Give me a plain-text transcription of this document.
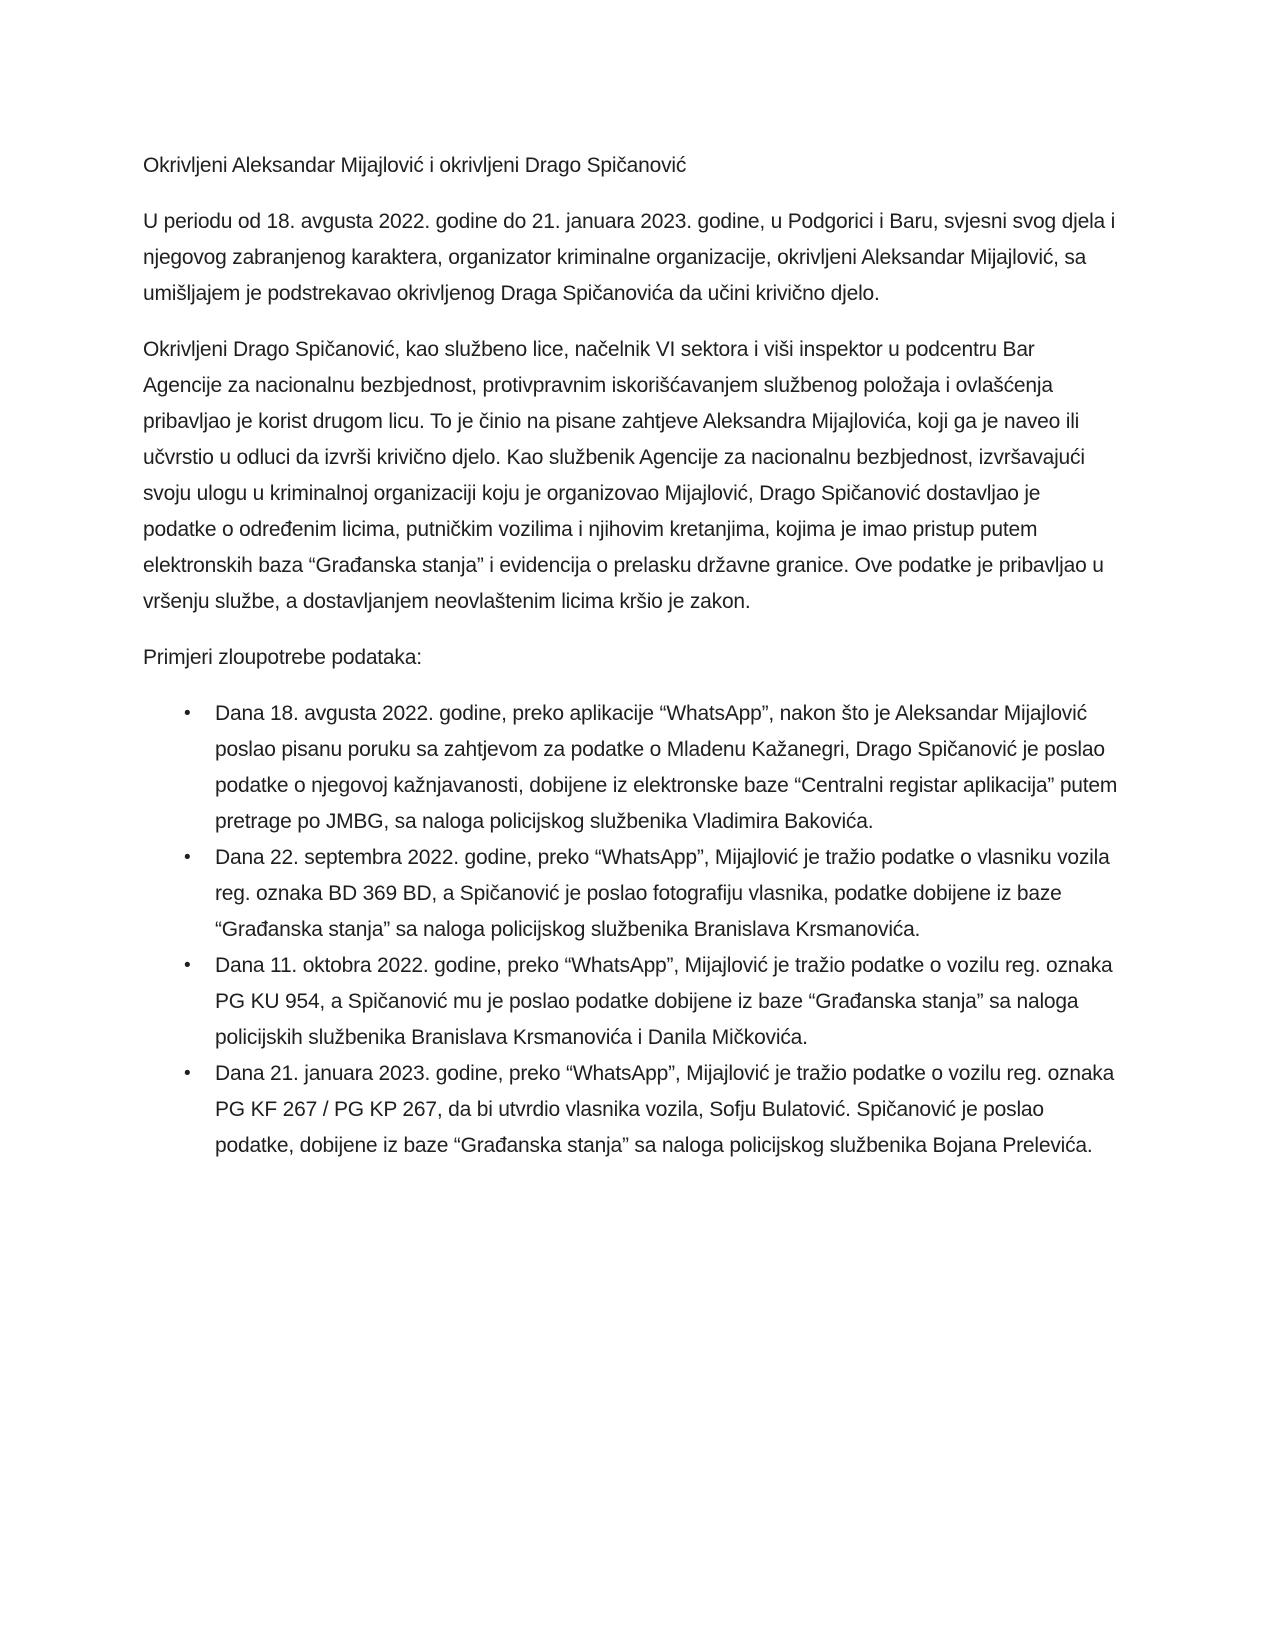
Okrivljeni Aleksandar Mijajlović i okrivljeni Drago Spičanović

U periodu od 18. avgusta 2022. godine do 21. januara 2023. godine, u Podgorici i Baru, svjesni svog djela i njegovog zabranjenog karaktera, organizator kriminalne organizacije, okrivljeni Aleksandar Mijajlović, sa umišljajem je podstrekavao okrivljenog Draga Spičanovića da učini krivično djelo.

Okrivljeni Drago Spičanović, kao službeno lice, načelnik VI sektora i viši inspektor u podcentru Bar Agencije za nacionalnu bezbjednost, protivpravnim iskorišćavanjem službenog položaja i ovlašćenja pribavljao je korist drugom licu. To je činio na pisane zahtjeve Aleksandra Mijajlovića, koji ga je naveo ili učvrstio u odluci da izvrši krivično djelo. Kao službenik Agencije za nacionalnu bezbjednost, izvršavajući svoju ulogu u kriminalnoj organizaciji koju je organizovao Mijajlović, Drago Spičanović dostavljao je podatke o određenim licima, putničkim vozilima i njihovim kretanjima, kojima je imao pristup putem elektronskih baza “Građanska stanja” i evidencija o prelasku državne granice. Ove podatke je pribavljao u vršenju službe, a dostavljanjem neovlaštenim licima kršio je zakon.

Primjeri zloupotrebe podataka:

• Dana 18. avgusta 2022. godine, preko aplikacije “WhatsApp”, nakon što je Aleksandar Mijajlović poslao pisanu poruku sa zahtjevom za podatke o Mladenu Kažanegri, Drago Spičanović je poslao podatke o njegovoj kažnjavanosti, dobijene iz elektronske baze “Centralni registar aplikacija” putem pretrage po JMBG, sa naloga policijskog službenika Vladimira Bakovića.
• Dana 22. septembra 2022. godine, preko “WhatsApp”, Mijajlović je tražio podatke o vlasniku vozila reg. oznaka BD 369 BD, a Spičanović je poslao fotografiju vlasnika, podatke dobijene iz baze “Građanska stanja” sa naloga policijskog službenika Branislava Krsmanovića.
• Dana 11. oktobra 2022. godine, preko “WhatsApp”, Mijajlović je tražio podatke o vozilu reg. oznaka PG KU 954, a Spičanović mu je poslao podatke dobijene iz baze “Građanska stanja” sa naloga policijskih službenika Branislava Krsmanovića i Danila Mičkovića.
• Dana 21. januara 2023. godine, preko “WhatsApp”, Mijajlović je tražio podatke o vozilu reg. oznaka PG KF 267 / PG KP 267, da bi utvrdio vlasnika vozila, Sofju Bulatović. Spičanović je poslao podatke, dobijene iz baze “Građanska stanja” sa naloga policijskog službenika Bojana Prelevića.
